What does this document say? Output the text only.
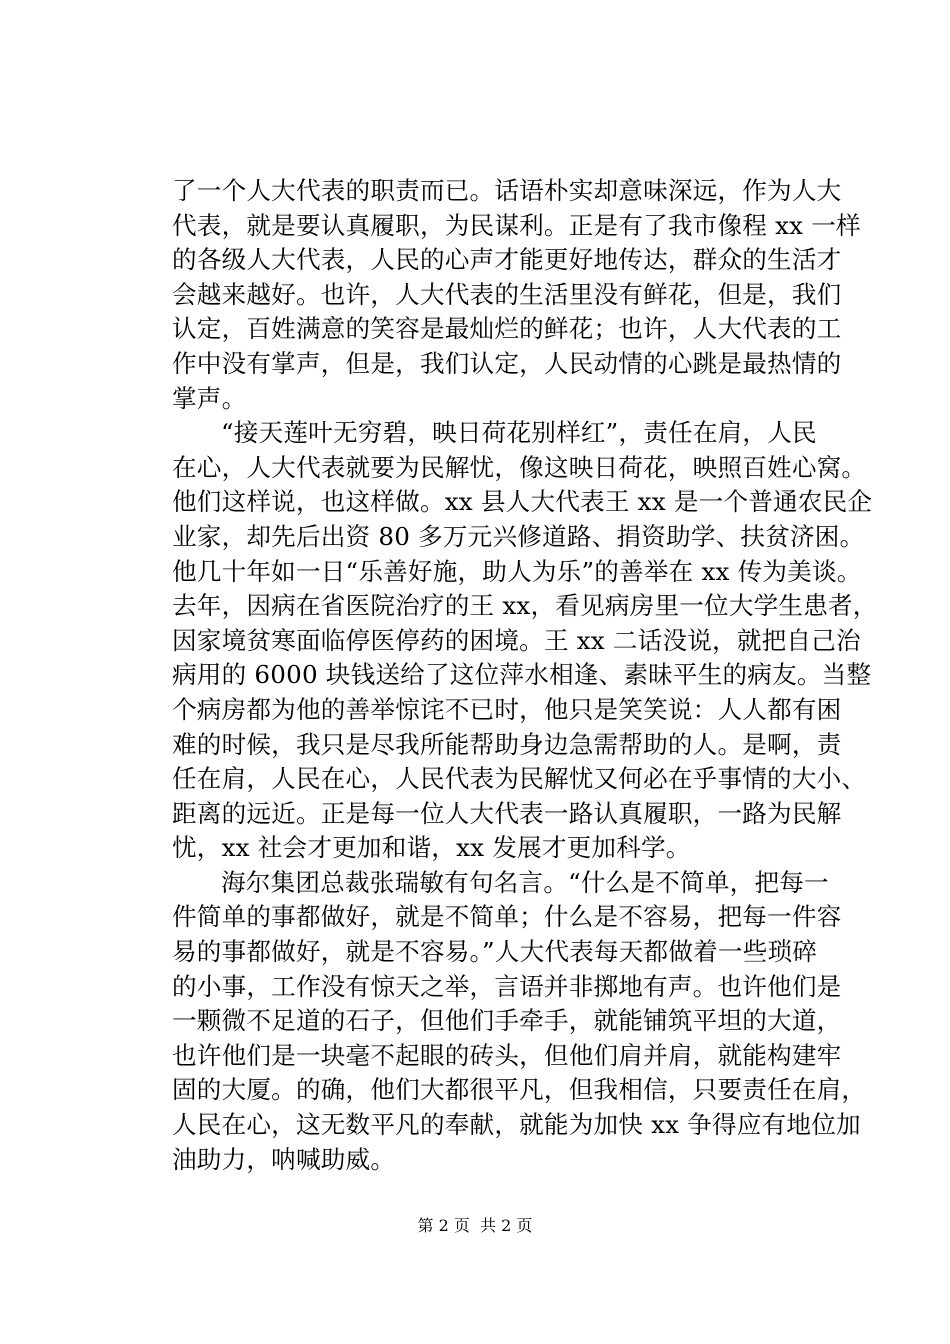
了一个人大代表的职责而已。话语朴实却意味深远，作为人大
代表，就是要认真履职，为民谋利。正是有了我市像程 xx 一样
的各级人大代表，人民的心声才能更好地传达，群众的生活才
会越来越好。也许，人大代表的生活里没有鲜花，但是，我们
认定，百姓满意的笑容是最灿烂的鲜花；也许，人大代表的工
作中没有掌声，但是，我们认定，人民动情的心跳是最热情的
掌声。
“接天莲叶无穷碧，映日荷花别样红”，责任在肩，人民
在心，人大代表就要为民解忧，像这映日荷花，映照百姓心窝。
他们这样说，也这样做。xx 县人大代表王 xx 是一个普通农民企
业家，却先后出资 80 多万元兴修道路、捐资助学、扶贫济困。
他几十年如一日“乐善好施，助人为乐”的善举在 xx 传为美谈。
去年，因病在省医院治疗的王 xx，看见病房里一位大学生患者，
因家境贫寒面临停医停药的困境。王 xx 二话没说，就把自己治
病用的 6000 块钱送给了这位萍水相逢、素昧平生的病友。当整
个病房都为他的善举惊诧不已时，他只是笑笑说：人人都有困
难的时候，我只是尽我所能帮助身边急需帮助的人。是啊，责
任在肩，人民在心，人民代表为民解忧又何必在乎事情的大小、
距离的远近。正是每一位人大代表一路认真履职，一路为民解
忧，xx 社会才更加和谐，xx 发展才更加科学。
海尔集团总裁张瑞敏有句名言。“什么是不简单，把每一
件简单的事都做好，就是不简单；什么是不容易，把每一件容
易的事都做好，就是不容易。”人大代表每天都做着一些琐碎
的小事，工作没有惊天之举，言语并非掷地有声。也许他们是
一颗微不足道的石子，但他们手牵手，就能铺筑平坦的大道，
也许他们是一块毫不起眼的砖头，但他们肩并肩，就能构建牢
固的大厦。的确，他们大都很平凡，但我相信，只要责任在肩，
人民在心，这无数平凡的奉献，就能为加快 xx 争得应有地位加
油助力，呐喊助威。
第 2 页 共 2 页
